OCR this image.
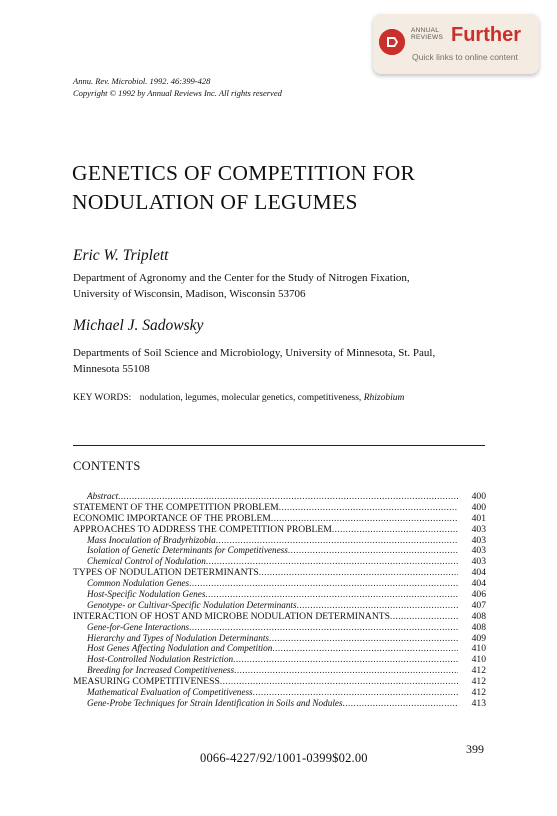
ANNUAL
REVIEWS Further
Quick links to online content
Annu. Rev. Microbiol. 1992. 46:399-428
Copyright © 1992 by Annual Reviews Inc. All rights reserved
GENETICS OF COMPETITION FOR
NODULATION OF LEGUMES
Eric W. Triplett
Department of Agronomy and the Center for the Study of Nitrogen Fixation,
University of Wisconsin, Madison, Wisconsin 53706
Michael J. Sadowsky
Departments of Soil Science and Microbiology, University of Minnesota, St. Paul,
Minnesota 55108
KEY WORDS: nodulation, legumes, molecular genetics, competitiveness, Rhizobium
CONTENTS
Abstract .....	400
STATEMENT OF THE COMPETITION PROBLEM .....	400
ECONOMIC IMPORTANCE OF THE PROBLEM .....	401
APPROACHES TO ADDRESS THE COMPETITION PROBLEM .....	403
Mass Inoculation of Bradyrhizobia .....	403
Isolation of Genetic Determinants for Competitiveness .....	403
Chemical Control of Nodulation .....	403
TYPES OF NODULATION DETERMINANTS .....	404
Common Nodulation Genes .....	404
Host-Specific Nodulation Genes .....	406
Genotype- or Cultivar-Specific Nodulation Determinants .....	407
INTERACTION OF HOST AND MICROBE NODULATION DETERMINANTS .....	408
Gene-for-Gene Interactions .....	408
Hierarchy and Types of Nodulation Determinants .....	409
Host Genes Affecting Nodulation and Competition .....	410
Host-Controlled Nodulation Restriction .....	410
Breeding for Increased Competitiveness .....	412
MEASURING COMPETITIVENESS .....	412
Mathematical Evaluation of Competitiveness .....	412
Gene-Probe Techniques for Strain Identification in Soils and Nodules .....	413
399
0066-4227/92/1001-0399$02.00
